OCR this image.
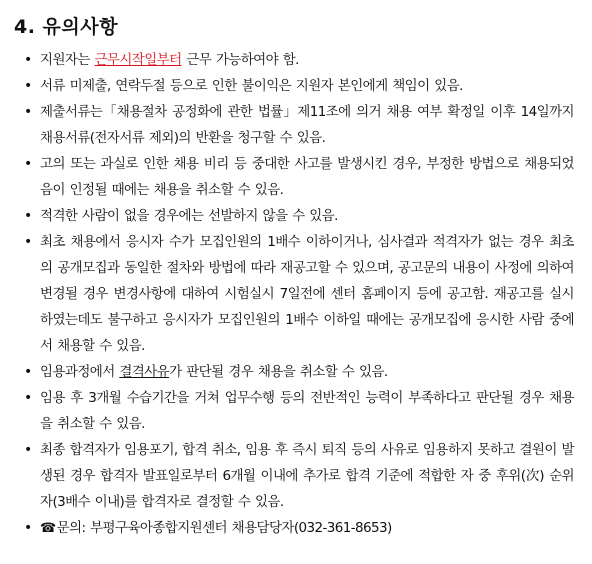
4. 유의사항
• 지원자는 근무시작일부터 근무 가능하여야 함.
• 서류 미제출, 연락두절 등으로 인한 불이익은 지원자 본인에게 책임이 있음.
• 제출서류는「채용절차 공정화에 관한 법률」제11조에 의거 채용 여부 확정일 이후 14일까지 채용서류(전자서류 제외)의 반환을 청구할 수 있음.
• 고의 또는 과실로 인한 채용 비리 등 중대한 사고를 발생시킨 경우, 부정한 방법으로 채용되었음이 인정될 때에는 채용을 취소할 수 있음.
• 적격한 사람이 없을 경우에는 선발하지 않을 수 있음.
• 최초 채용에서 응시자 수가 모집인원의 1배수 이하이거나, 심사결과 적격자가 없는 경우 최초의 공개모집과 동일한 절차와 방법에 따라 재공고할 수 있으며, 공고문의 내용이 사정에 의하여 변경될 경우 변경사항에 대하여 시험실시 7일전에 센터 홈페이지 등에 공고함. 재공고를 실시하였는데도 불구하고 응시자가 모집인원의 1배수 이하일 때에는 공개모집에 응시한 사람 중에서 채용할 수 있음.
• 임용과정에서 결격사유가 판단될 경우 채용을 취소할 수 있음.
• 임용 후 3개월 수습기간을 거쳐 업무수행 등의 전반적인 능력이 부족하다고 판단될 경우 채용을 취소할 수 있음.
• 최종 합격자가 임용포기, 합격 취소, 임용 후 즉시 퇴직 등의 사유로 임용하지 못하고 결원이 발생된 경우 합격자 발표일로부터 6개월 이내에 추가로 합격 기준에 적합한 자 중 후위(次) 순위자(3배수 이내)를 합격자로 결정할 수 있음.
• ☎문의: 부평구육아종합지원센터 채용담당자(032-361-8653)
